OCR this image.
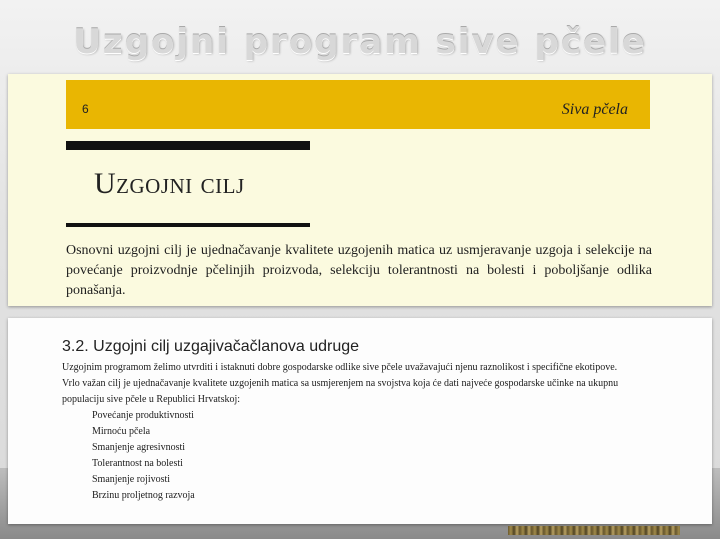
Uzgojni program sive pčele
6	Siva pčela
Uzgojni cilj
Osnovni uzgojni cilj je ujednačavanje kvalitete uzgojenih matica uz usmjeravanje uzgoja i selekcije na povećanje proizvodnje pčelinjih proizvoda, selekciju tolerantnosti na bolesti i poboljšanje odlika ponašanja.
3.2. Uzgojni cilj uzgajivačačlanova udruge

Uzgojnim programom želimo utvrditi i istaknuti dobre gospodarske odlike sive pčele uvažavajući njenu raznolikost i specifične ekotipove.

Vrlo važan cilj je ujednačavanje kvalitete uzgojenih matica sa usmjerenjem na svojstva koja će dati najveće gospodarske učinke na ukupnu populaciju sive pčele u Republici Hrvatskoj:

Povećanje produktivnosti
Mirnoću pčela
Smanjenje agresivnosti
Tolerantnost na bolesti
Smanjenje rojivosti
Brzinu proljetnog razvoja
